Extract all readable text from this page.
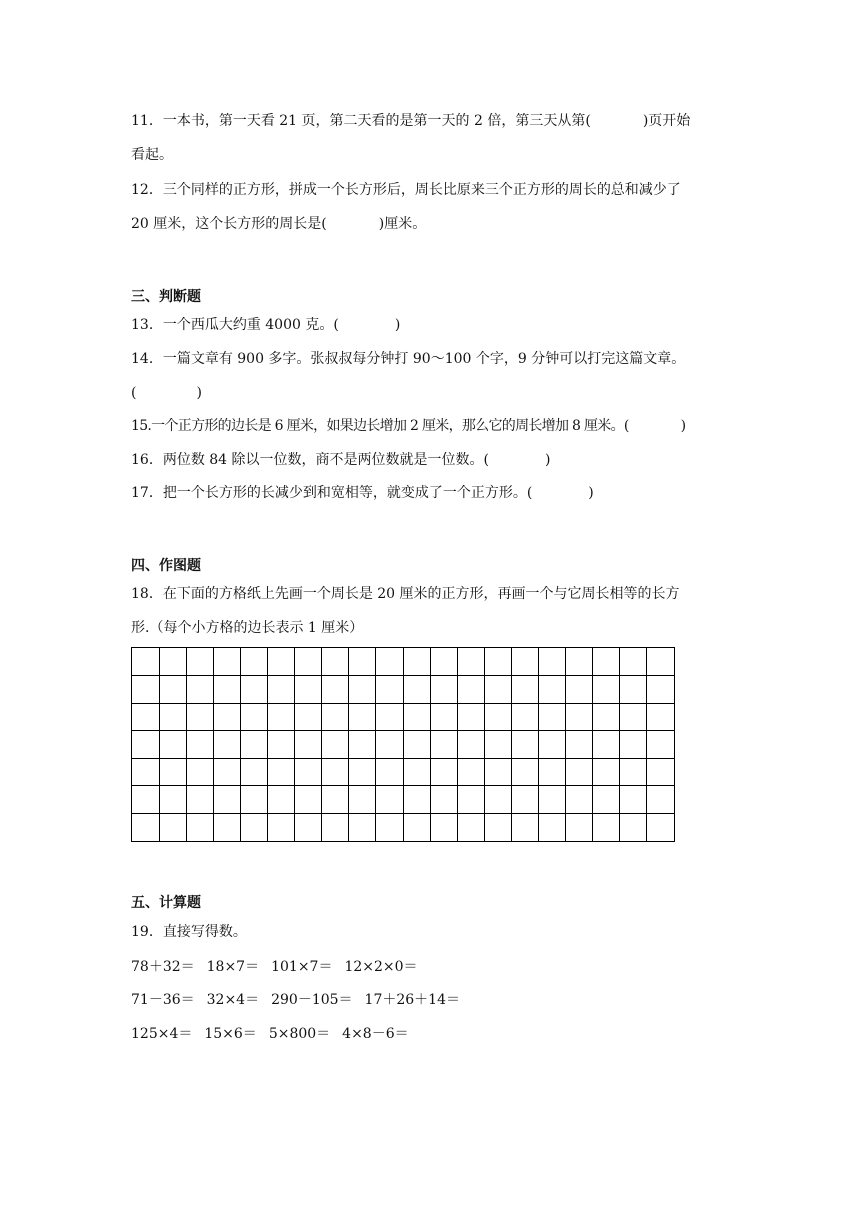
11．一本书，第一天看 21 页，第二天看的是第一天的 2 倍，第三天从第(	)页开始
看起。
12．三个同样的正方形，拼成一个长方形后，周长比原来三个正方形的周长的总和减少了
20 厘米，这个长方形的周长是(	)厘米。
三、判断题
13．一个西瓜大约重 4000 克。(	)
14．一篇文章有 900 多字。张叔叔每分钟打 90～100 个字，9 分钟可以打完这篇文章。
(	)
15.一个正方形的边长是 6 厘米，如果边长增加 2 厘米，那么它的周长增加 8 厘米。(	)
16．两位数 84 除以一位数，商不是两位数就是一位数。(	)
17．把一个长方形的长减少到和宽相等，就变成了一个正方形。(	)
四、作图题
18．在下面的方格纸上先画一个周长是 20 厘米的正方形，再画一个与它周长相等的长方
形.（每个小方格的边长表示 1 厘米）
五、计算题
19．直接写得数。
78＋32＝ 18×7＝ 101×7＝ 12×2×0＝
71－36＝ 32×4＝ 290－105＝ 17＋26＋14＝
125×4＝ 15×6＝ 5×800＝ 4×8－6＝
